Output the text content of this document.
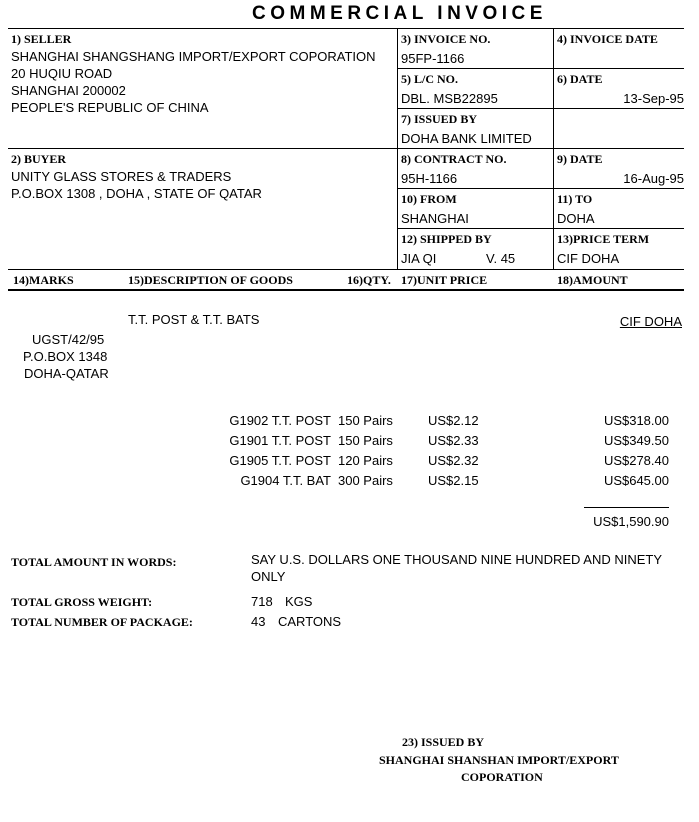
COMMERCIAL INVOICE
1) SELLER
SHANGHAI SHANGSHANG IMPORT/EXPORT COPORATION
20 HUQIU ROAD
SHANGHAI 200002
PEOPLE'S REPUBLIC OF CHINA
3) INVOICE NO.
95FP-1166
4) INVOICE DATE
5) L/C NO.
DBL. MSB22895
6) DATE
13-Sep-95
7) ISSUED BY
DOHA BANK LIMITED
2) BUYER
UNITY GLASS STORES & TRADERS
P.O.BOX 1308 , DOHA , STATE OF QATAR
8) CONTRACT NO.
95H-1166
9) DATE
16-Aug-95
10) FROM
SHANGHAI
11) TO
DOHA
12) SHIPPED BY
JIA QI	V. 45
13)PRICE TERM
CIF DOHA
14)MARKS	15)DESCRIPTION OF GOODS	16)QTY. 17)UNIT PRICE	18)AMOUNT
T.T. POST & T.T. BATS	CIF DOHA
UGST/42/95
P.O.BOX 1348
DOHA-QATAR
G1902 T.T. POST 150 Pairs	US$2.12	US$318.00
G1901 T.T. POST 150 Pairs	US$2.33	US$349.50
G1905 T.T. POST 120 Pairs	US$2.32	US$278.40
G1904 T.T. BAT 300 Pairs	US$2.15	US$645.00
US$1,590.90
TOTAL AMOUNT IN WORDS:	SAY U.S. DOLLARS ONE THOUSAND NINE HUNDRED AND NINETY
ONLY
TOTAL GROSS WEIGHT:	718 KGS
TOTAL NUMBER OF PACKAGE:	43 CARTONS
23) ISSUED BY
SHANGHAI SHANSHAN IMPORT/EXPORT
COPORATION
